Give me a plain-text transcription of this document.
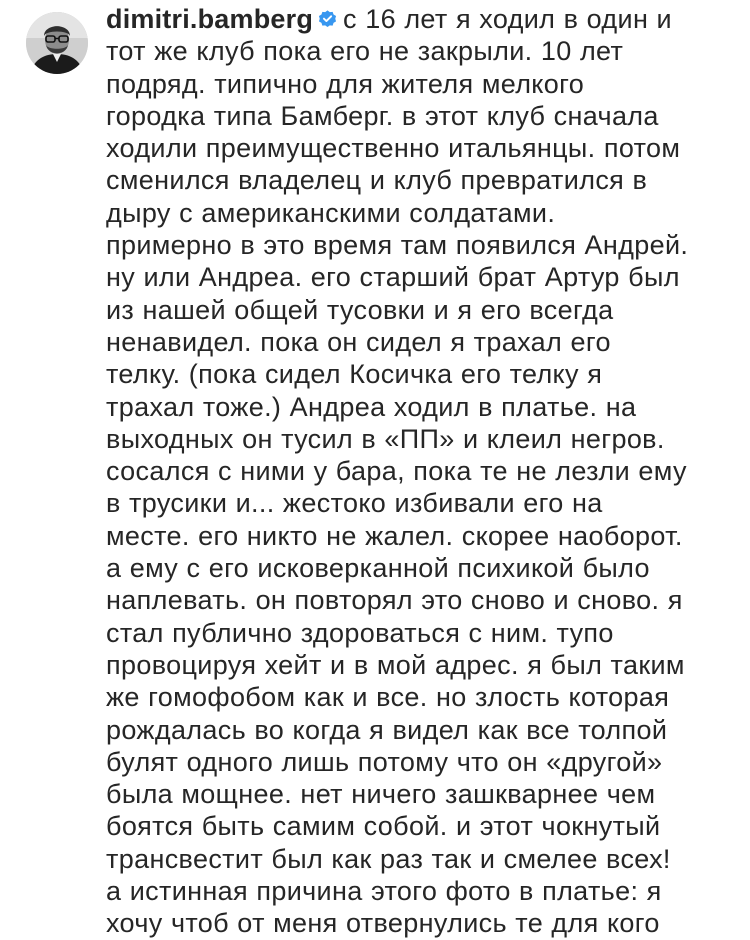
dimitri.bamberg с 16 лет я ходил в один и
тот же клуб пока его не закрыли. 10 лет
подряд. типично для жителя мелкого
городка типа Бамберг. в этот клуб сначала
ходили преимущественно итальянцы. потом
сменился владелец и клуб превратился в
дыру с американскими солдатами.
примерно в это время там появился Андрей.
ну или Андреа. его старший брат Артур был
из нашей общей тусовки и я его всегда
ненавидел. пока он сидел я трахал его
телку. (пока сидел Косичка его телку я
трахал тоже.) Андреа ходил в платье. на
выходных он тусил в «ПП» и клеил негров.
сосался с ними у бара, пока те не лезли ему
в трусики и... жестоко избивали его на
месте. его никто не жалел. скорее наоборот.
а ему с его исковерканной психикой было
наплевать. он повторял это сново и сново. я
стал публично здороваться с ним. тупо
провоцируя хейт и в мой адрес. я был таким
же гомофобом как и все. но злость которая
рождалась во когда я видел как все толпой
булят одного лишь потому что он «другой»
была мощнее. нет ничего зашкварнее чем
боятся быть самим собой. и этот чокнутый
трансвестит был как раз так и смелее всех!
а истинная причина этого фото в платье: я
хочу чтоб от меня отвернулись те для кого
